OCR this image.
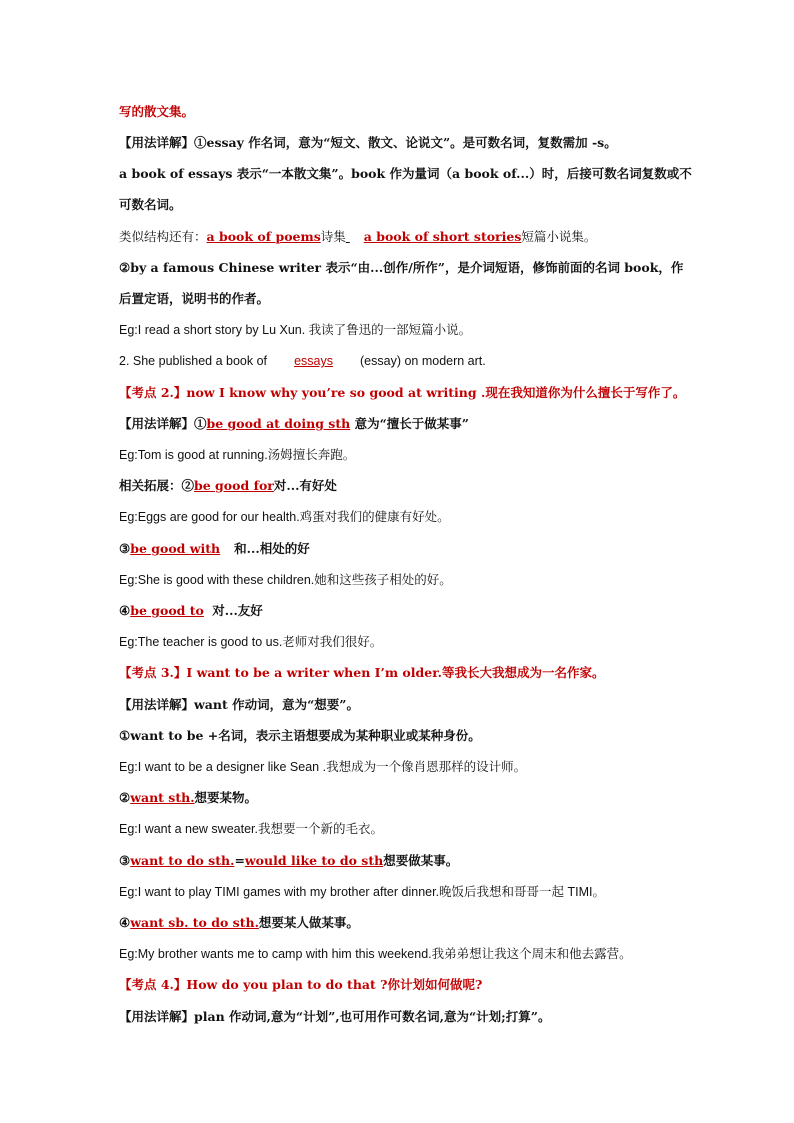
写的散文集。
【用法详解】①essay 作名词，意为“短文、散文、论说文”。是可数名词，复数需加 -s。
a book of essays 表示“一本散文集”。book 作为量词（a book of...）时，后接可数名词复数或不
可数名词。
类似结构还有：a book of poems诗集 a book of short stories短篇小说集。
②by a famous Chinese writer 表示“由...创作/所作”，是介词短语，修饰前面的名词 book，作
后置定语，说明书的作者。
Eg:I read a short story by Lu Xun. 我读了鲁迅的一部短篇小说。
2. She published a book of essays (essay) on modern art.
【考点 2.】now I know why you’re so good at writing .现在我知道你为什么擅长于写作了。
【用法详解】①be good at doing sth 意为“擅长于做某事”
Eg:Tom is good at running.汤姆擅长奔跑。
相关拓展：②be good for对...有好处
Eg:Eggs are good for our health.鸡蛋对我们的健康有好处。
③be good with 和...相处的好
Eg:She is good with these children.她和这些孩子相处的好。
④be good to 对...友好
Eg:The teacher is good to us.老师对我们很好。
【考点 3.】I want to be a writer when I’m older.等我长大我想成为一名作家。
【用法详解】want 作动词，意为“想要”。
①want to be +名词，表示主语想要成为某种职业或某种身份。
Eg:I want to be a designer like Sean .我想成为一个像肖恩那样的设计师。
②want sth.想要某物。
Eg:I want a new sweater.我想要一个新的毛衣。
③want to do sth.=would like to do sth想要做某事。
Eg:I want to play TIMI games with my brother after dinner.晚饭后我想和哥哥一起 TIMI。
④want sb. to do sth.想要某人做某事。
Eg:My brother wants me to camp with him this weekend.我弟弟想让我这个周末和他去露营。
【考点 4.】How do you plan to do that ?你计划如何做呢?
【用法详解】plan 作动词,意为“计划”,也可用作可数名词,意为“计划;打算”。
